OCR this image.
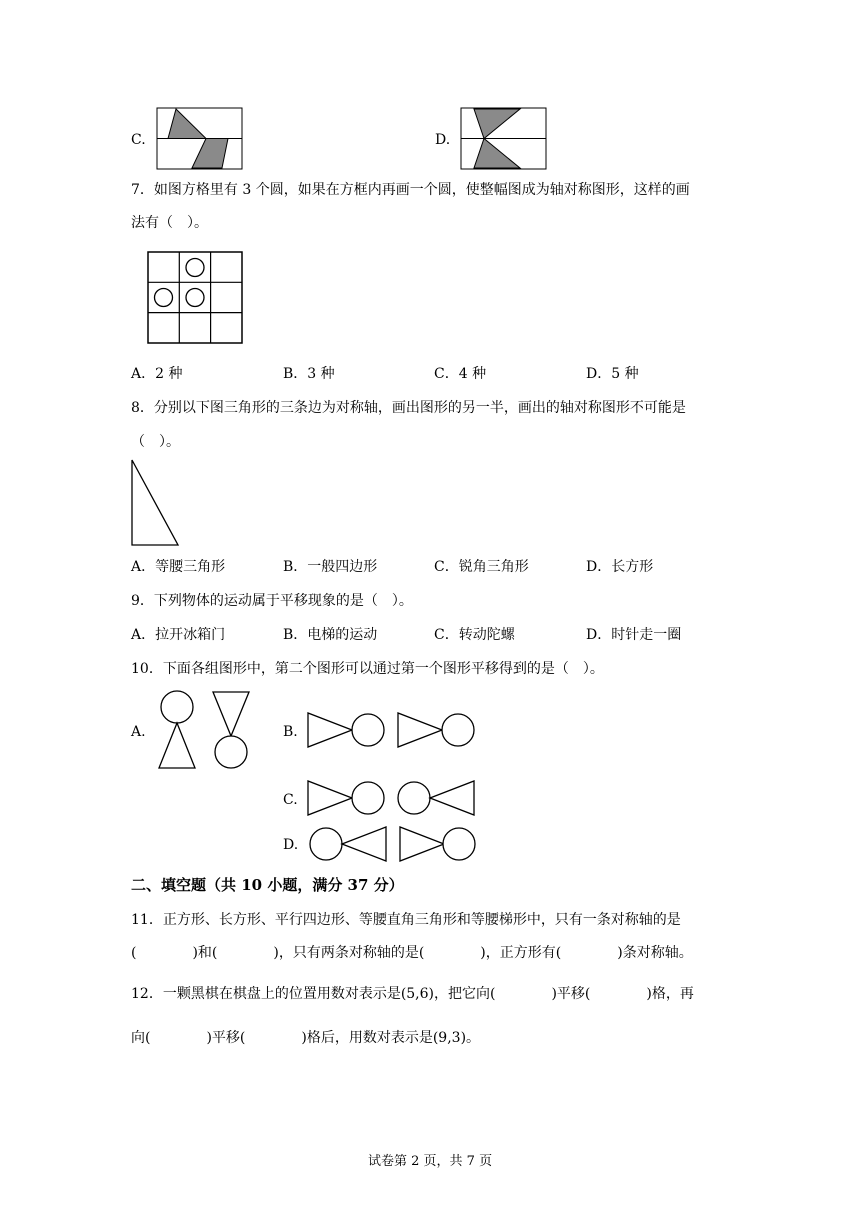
C.	D.
7．如图方格里有 3 个圆，如果在方框内再画一个圆，使整幅图成为轴对称图形，这样的画
法有（　）。
A．2 种	B．3 种	C．4 种	D．5 种
8．分别以下图三角形的三条边为对称轴，画出图形的另一半，画出的轴对称图形不可能是
（　）。
A．等腰三角形	B．一般四边形	C．锐角三角形	D．长方形
9．下列物体的运动属于平移现象的是（　）。
A．拉开冰箱门	B．电梯的运动	C．转动陀螺	D．时针走一圈
10．下面各组图形中，第二个图形可以通过第一个图形平移得到的是（　）。
A.	B.
C.
D.
二、填空题（共 10 小题，满分 37 分）
11．正方形、长方形、平行四边形、等腰直角三角形和等腰梯形中，只有一条对称轴的是
(　　　　)和(　　　　)，只有两条对称轴的是(　　　　)，正方形有(　　　　)条对称轴。
12．一颗黑棋在棋盘上的位置用数对表示是(5,6)，把它向(　　　　)平移(　　　　)格，再
向(　　　　)平移(　　　　)格后，用数对表示是(9,3)。
试卷第 2 页，共 7 页
